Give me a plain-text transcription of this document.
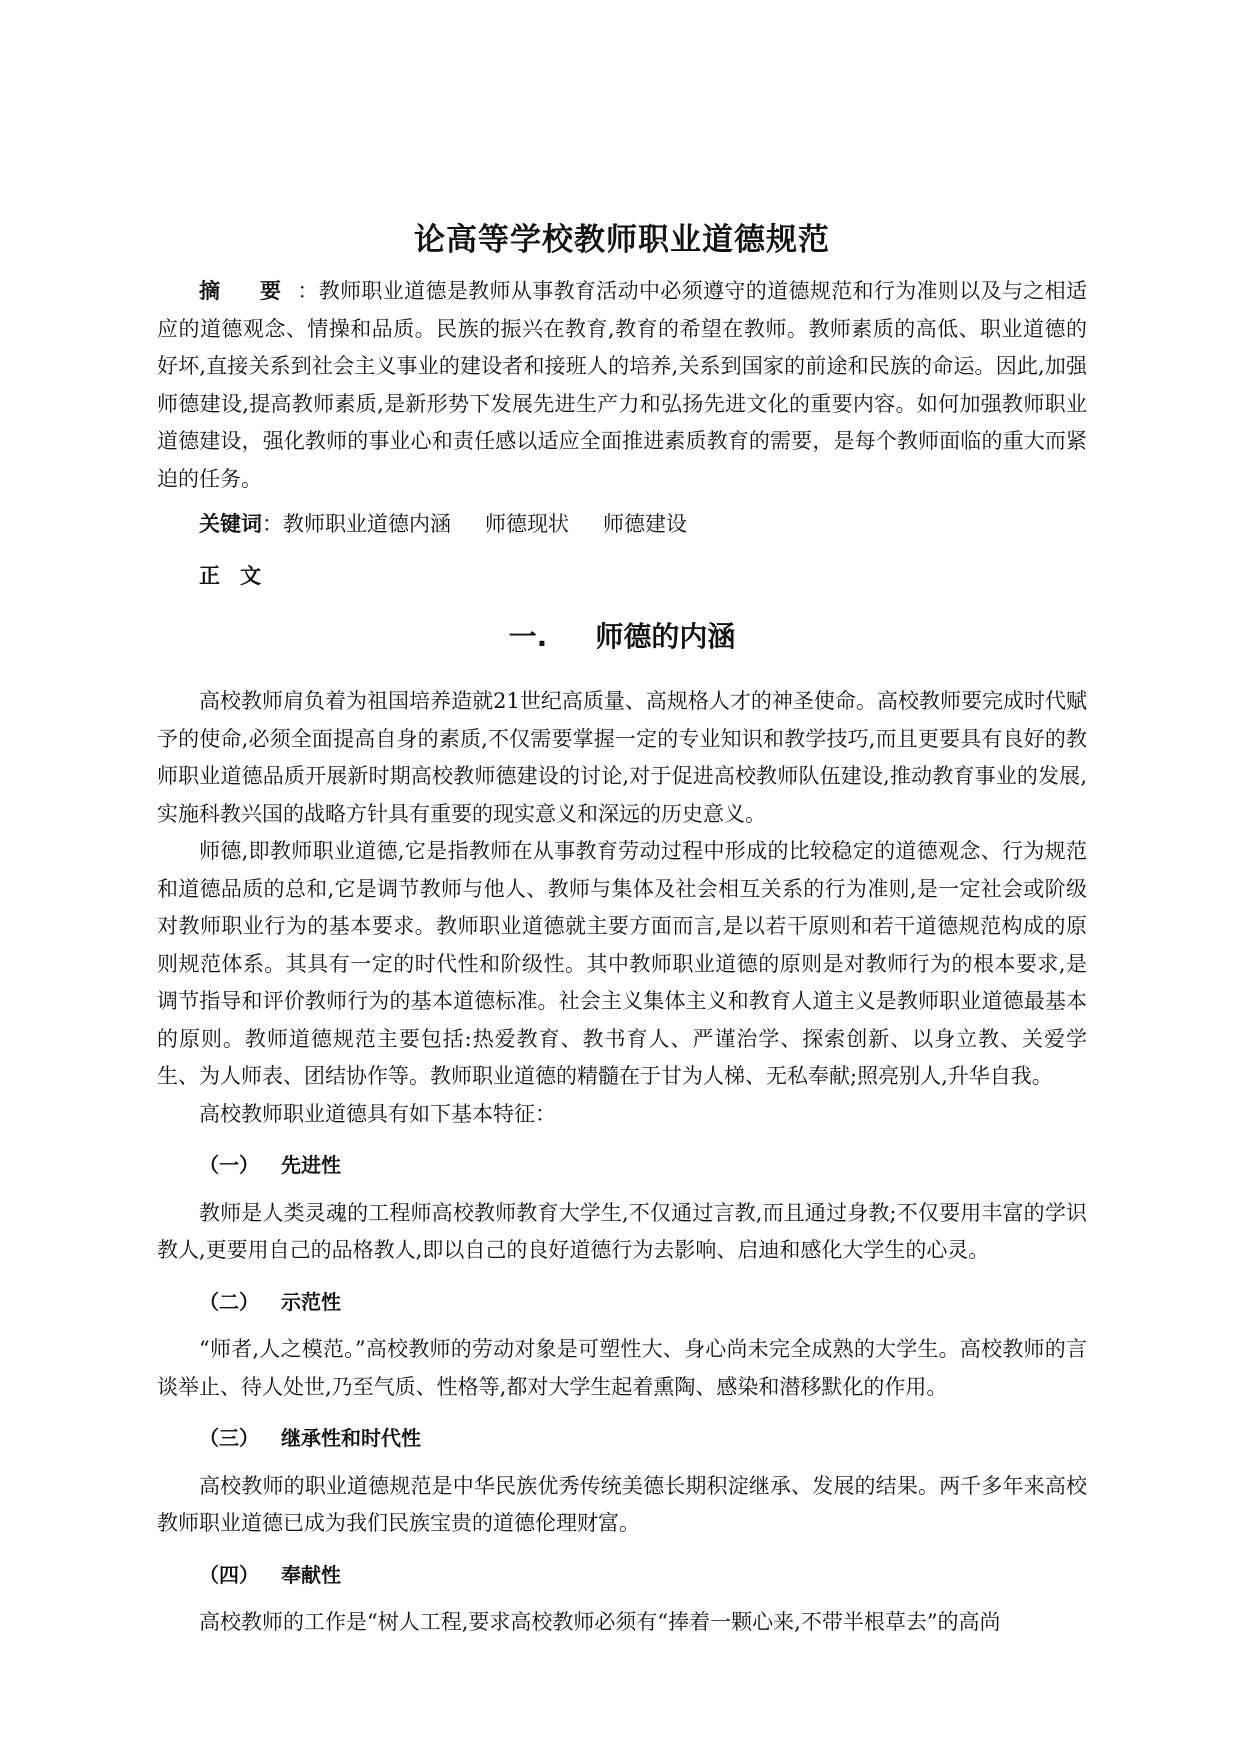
论高等学校教师职业道德规范

摘 要：教师职业道德是教师从事教育活动中必须遵守的道德规范和行为准则以及与之相适应的道德观念、情操和品质。民族的振兴在教育,教育的希望在教师。教师素质的高低、职业道德的好坏,直接关系到社会主义事业的建设者和接班人的培养,关系到国家的前途和民族的命运。因此,加强师德建设,提高教师素质,是新形势下发展先进生产力和弘扬先进文化的重要内容。如何加强教师职业道德建设，强化教师的事业心和责任感以适应全面推进素质教育的需要，是每个教师面临的重大而紧迫的任务。

关键词：教师职业道德内涵 师德现状 师德建设
正文
一. 师德的内涵

高校教师肩负着为祖国培养造就21世纪高质量、高规格人才的神圣使命。高校教师要完成时代赋予的使命,必须全面提高自身的素质,不仅需要掌握一定的专业知识和教学技巧,而且更要具有良好的教师职业道德品质开展新时期高校教师德建设的讨论,对于促进高校教师队伍建设,推动教育事业的发展,实施科教兴国的战略方针具有重要的现实意义和深远的历史意义。

师德,即教师职业道德,它是指教师在从事教育劳动过程中形成的比较稳定的道德观念、行为规范和道德品质的总和,它是调节教师与他人、教师与集体及社会相互关系的行为准则,是一定社会或阶级对教师职业行为的基本要求。教师职业道德就主要方面而言,是以若干原则和若干道德规范构成的原则规范体系。其具有一定的时代性和阶级性。其中教师职业道德的原则是对教师行为的根本要求,是调节指导和评价教师行为的基本道德标准。社会主义集体主义和教育人道主义是教师职业道德最基本的原则。教师道德规范主要包括:热爱教育、教书育人、严谨治学、探索创新、以身立教、关爱学生、为人师表、团结协作等。教师职业道德的精髓在于甘为人梯、无私奉献;照亮别人,升华自我。

高校教师职业道德具有如下基本特征：

（一） 先进性

教师是人类灵魂的工程师高校教师教育大学生,不仅通过言教,而且通过身教;不仅要用丰富的学识教人,更要用自己的品格教人,即以自己的良好道德行为去影响、启迪和感化大学生的心灵。

（二） 示范性

“师者,人之模范。”高校教师的劳动对象是可塑性大、身心尚未完全成熟的大学生。高校教师的言谈举止、待人处世,乃至气质、性格等,都对大学生起着熏陶、感染和潜移默化的作用。

（三） 继承性和时代性

高校教师的职业道德规范是中华民族优秀传统美德长期积淀继承、发展的结果。两千多年来高校教师职业道德已成为我们民族宝贵的道德伦理财富。

（四） 奉献性

高校教师的工作是“树人工程,要求高校教师必须有“捧着一颗心来,不带半根草去”的高尚
